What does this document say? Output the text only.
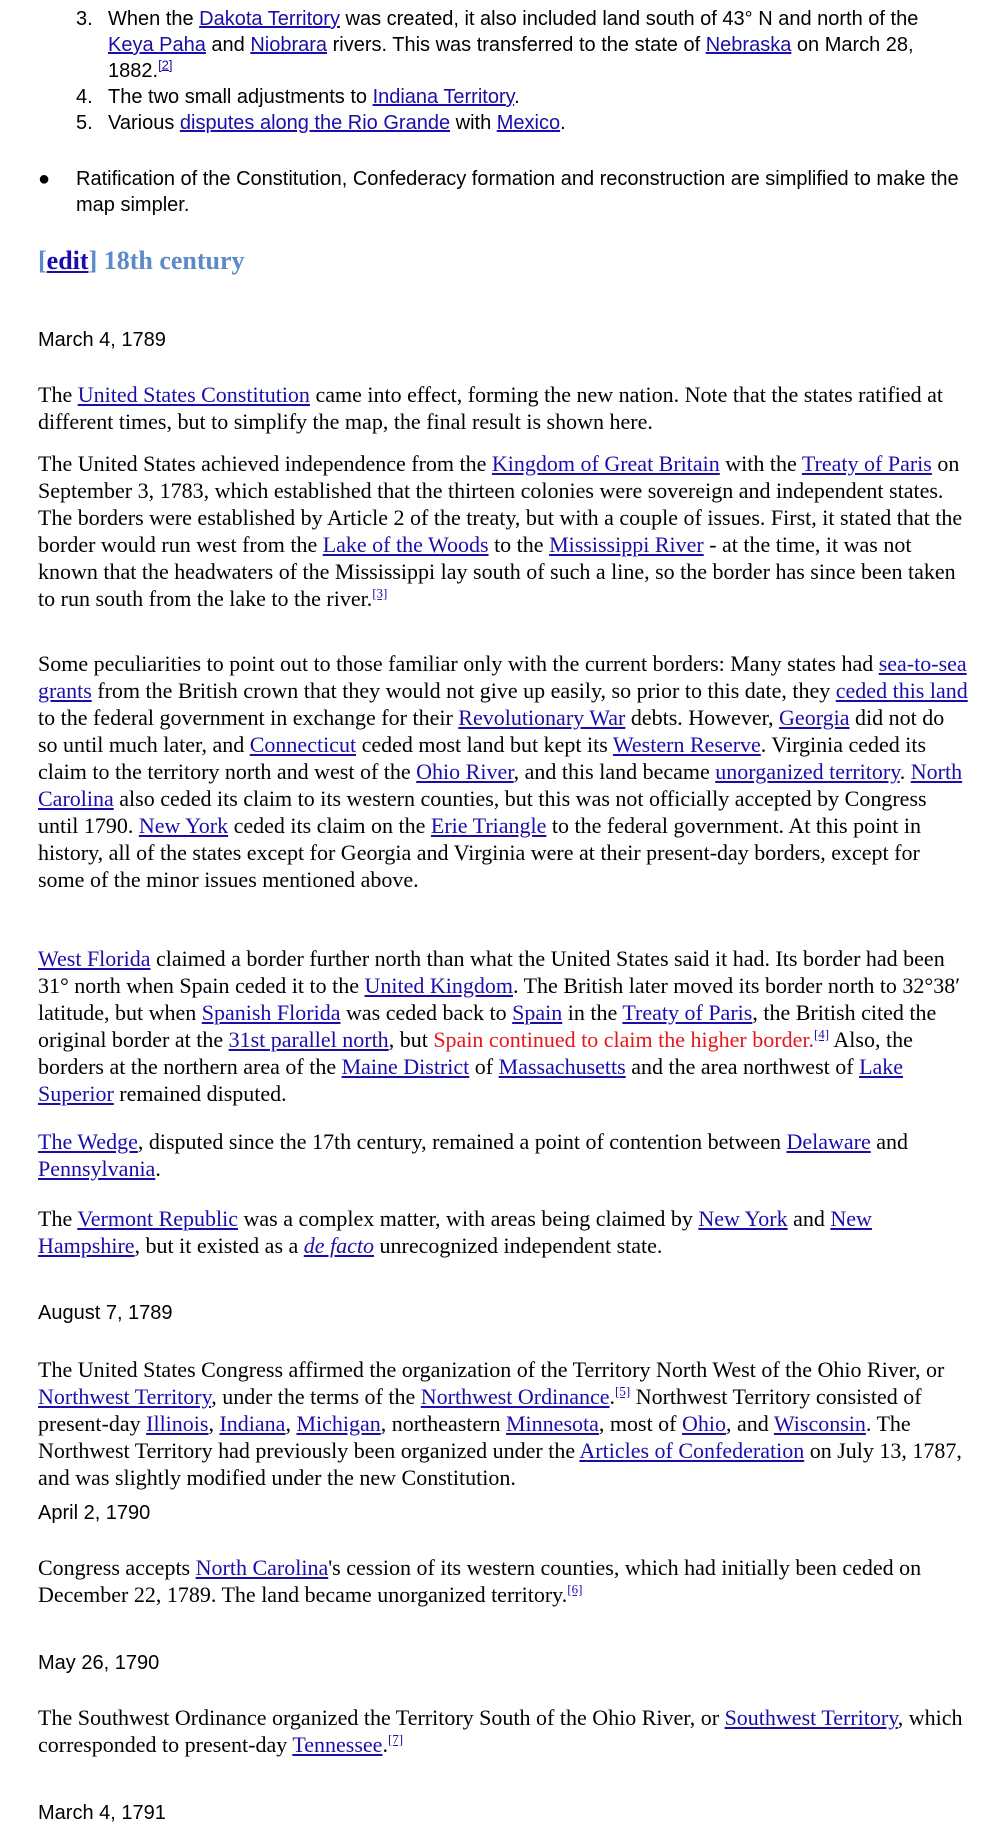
3. When the Dakota Territory was created, it also included land south of 43° N and north of the Keya Paha and Niobrara rivers. This was transferred to the state of Nebraska on March 28, 1882.[2]
4. The two small adjustments to Indiana Territory.
5. Various disputes along the Rio Grande with Mexico.
● Ratification of the Constitution, Confederacy formation and reconstruction are simplified to make the map simpler.
[edit] 18th century
March 4, 1789

The United States Constitution came into effect, forming the new nation. Note that the states ratified at different times, but to simplify the map, the final result is shown here.

The United States achieved independence from the Kingdom of Great Britain with the Treaty of Paris on September 3, 1783, which established that the thirteen colonies were sovereign and independent states. The borders were established by Article 2 of the treaty, but with a couple of issues. First, it stated that the border would run west from the Lake of the Woods to the Mississippi River - at the time, it was not known that the headwaters of the Mississippi lay south of such a line, so the border has since been taken to run south from the lake to the river.[3]

Some peculiarities to point out to those familiar only with the current borders: Many states had sea-to-sea grants from the British crown that they would not give up easily, so prior to this date, they ceded this land to the federal government in exchange for their Revolutionary War debts. However, Georgia did not do so until much later, and Connecticut ceded most land but kept its Western Reserve. Virginia ceded its claim to the territory north and west of the Ohio River, and this land became unorganized territory. North Carolina also ceded its claim to its western counties, but this was not officially accepted by Congress until 1790. New York ceded its claim on the Erie Triangle to the federal government. At this point in history, all of the states except for Georgia and Virginia were at their present-day borders, except for some of the minor issues mentioned above.

West Florida claimed a border further north than what the United States said it had. Its border had been 31° north when Spain ceded it to the United Kingdom. The British later moved its border north to 32°38′ latitude, but when Spanish Florida was ceded back to Spain in the Treaty of Paris, the British cited the original border at the 31st parallel north, but Spain continued to claim the higher border.[4] Also, the borders at the northern area of the Maine District of Massachusetts and the area northwest of Lake Superior remained disputed.

The Wedge, disputed since the 17th century, remained a point of contention between Delaware and Pennsylvania.

The Vermont Republic was a complex matter, with areas being claimed by New York and New Hampshire, but it existed as a de facto unrecognized independent state.

August 7, 1789

The United States Congress affirmed the organization of the Territory North West of the Ohio River, or Northwest Territory, under the terms of the Northwest Ordinance.[5] Northwest Territory consisted of present-day Illinois, Indiana, Michigan, northeastern Minnesota, most of Ohio, and Wisconsin. The Northwest Territory had previously been organized under the Articles of Confederation on July 13, 1787, and was slightly modified under the new Constitution.

April 2, 1790

Congress accepts North Carolina's cession of its western counties, which had initially been ceded on December 22, 1789. The land became unorganized territory.[6]

May 26, 1790

The Southwest Ordinance organized the Territory South of the Ohio River, or Southwest Territory, which corresponded to present-day Tennessee.[7]

March 4, 1791
